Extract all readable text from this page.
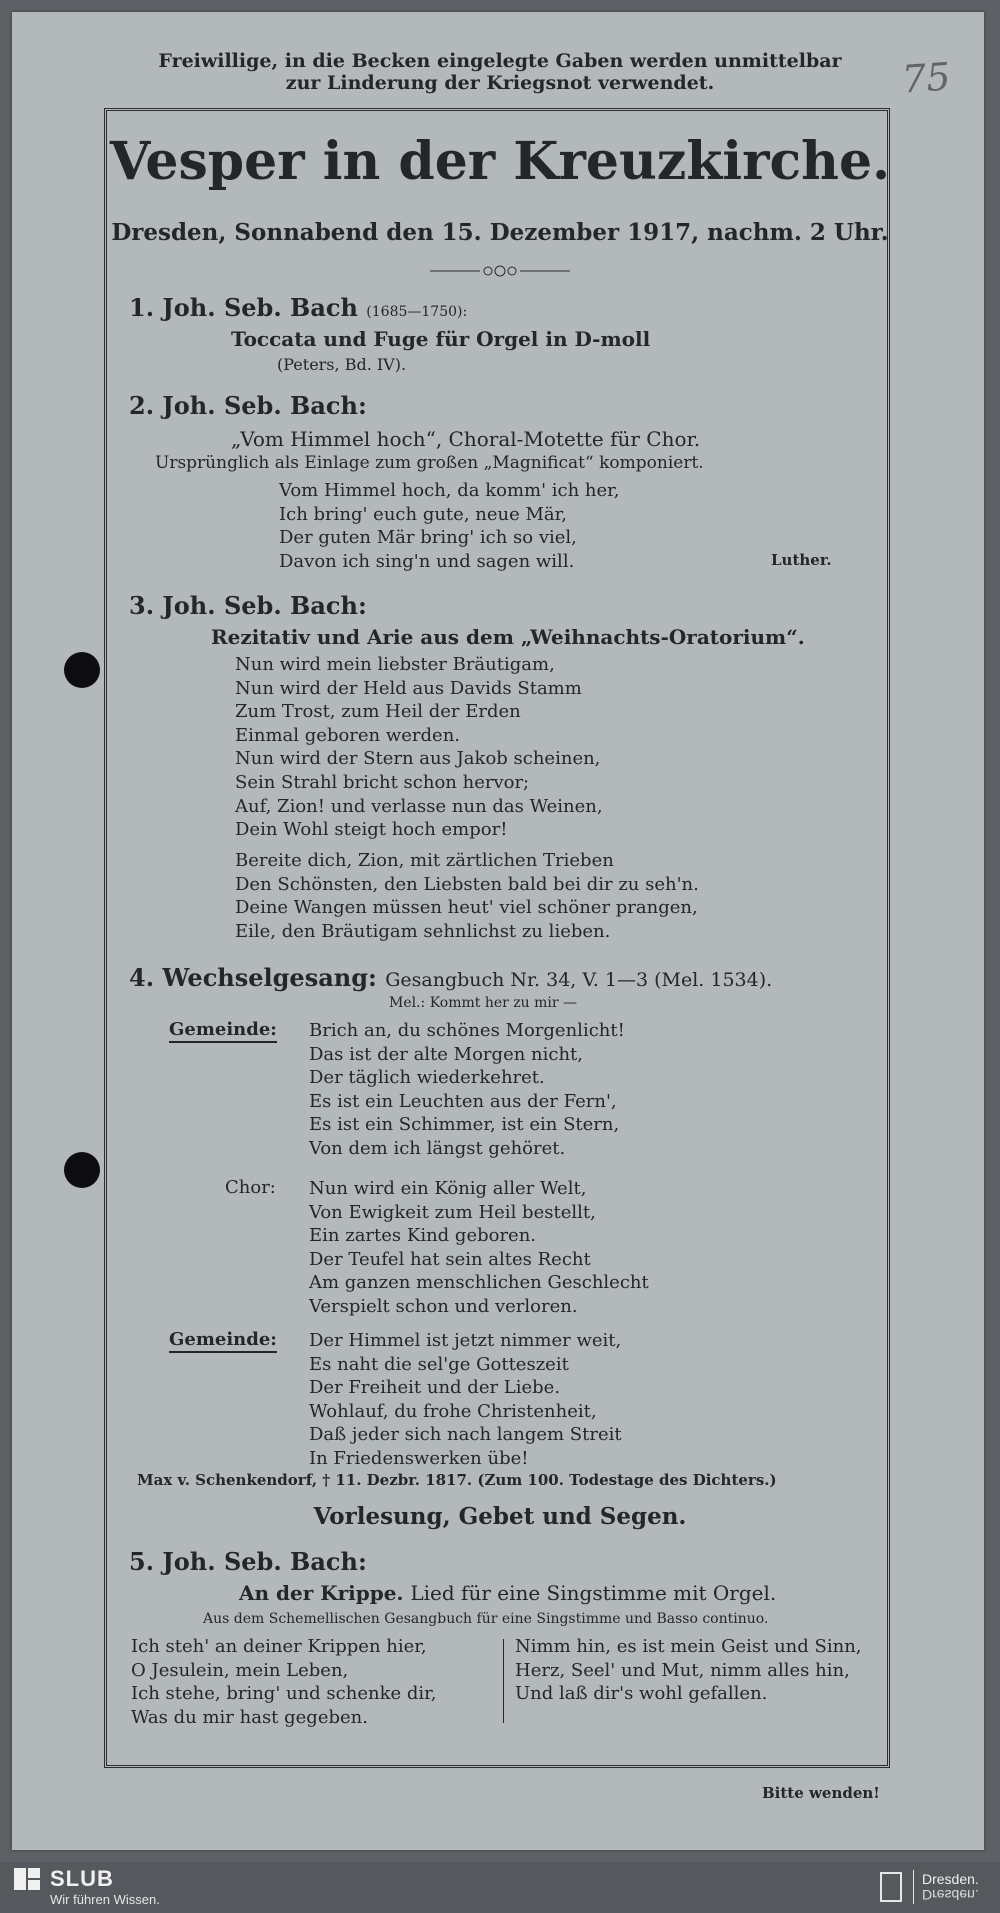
Freiwillige, in die Becken eingelegte Gaben werden unmittelbar
zur Linderung der Kriegsnot verwendet.	75
Vesper in der Kreuzkirche.
Dresden, Sonnabend den 15. Dezember 1917, nachm. 2 Uhr.
1. Joh. Seb. Bach (1685—1750):
Toccata und Fuge für Orgel in D-moll
(Peters, Bd. IV).
2. Joh. Seb. Bach:
„Vom Himmel hoch“, Choral-Motette für Chor.
Ursprünglich als Einlage zum großen „Magnificat“ komponiert.
Vom Himmel hoch, da komm' ich her,
Ich bring' euch gute, neue Mär,
Der guten Mär bring' ich so viel,
Davon ich sing'n und sagen will.	Luther.
3. Joh. Seb. Bach:
Rezitativ und Arie aus dem „Weihnachts-Oratorium“.
Nun wird mein liebster Bräutigam,
Nun wird der Held aus Davids Stamm
Zum Trost, zum Heil der Erden
Einmal geboren werden.
Nun wird der Stern aus Jakob scheinen,
Sein Strahl bricht schon hervor;
Auf, Zion! und verlasse nun das Weinen,
Dein Wohl steigt hoch empor!
Bereite dich, Zion, mit zärtlichen Trieben
Den Schönsten, den Liebsten bald bei dir zu seh'n.
Deine Wangen müssen heut' viel schöner prangen,
Eile, den Bräutigam sehnlichst zu lieben.
4. Wechselgesang: Gesangbuch Nr. 34, V. 1—3 (Mel. 1534).
Mel.: Kommt her zu mir —
Gemeinde: Brich an, du schönes Morgenlicht!
Das ist der alte Morgen nicht,
Der täglich wiederkehret.
Es ist ein Leuchten aus der Fern',
Es ist ein Schimmer, ist ein Stern,
Von dem ich längst gehöret.
Chor: Nun wird ein König aller Welt,
Von Ewigkeit zum Heil bestellt,
Ein zartes Kind geboren.
Der Teufel hat sein altes Recht
Am ganzen menschlichen Geschlecht
Verspielt schon und verloren.
Gemeinde: Der Himmel ist jetzt nimmer weit,
Es naht die sel'ge Gotteszeit
Der Freiheit und der Liebe.
Wohlauf, du frohe Christenheit,
Daß jeder sich nach langem Streit
In Friedenswerken übe!
Max v. Schenkendorf, † 11. Dezbr. 1817. (Zum 100. Todestage des Dichters.)
Vorlesung, Gebet und Segen.
5. Joh. Seb. Bach:
An der Krippe. Lied für eine Singstimme mit Orgel.
Aus dem Schemellischen Gesangbuch für eine Singstimme und Basso continuo.
Ich steh' an deiner Krippen hier,
O Jesulein, mein Leben,
Ich stehe, bring' und schenke dir,
Was du mir hast gegeben.
Nimm hin, es ist mein Geist und Sinn,
Herz, Seel' und Mut, nimm alles hin,
Und laß dir's wohl gefallen.
Bitte wenden!
SLUB
Wir führen Wissen.
Dresden.
Dresden.
